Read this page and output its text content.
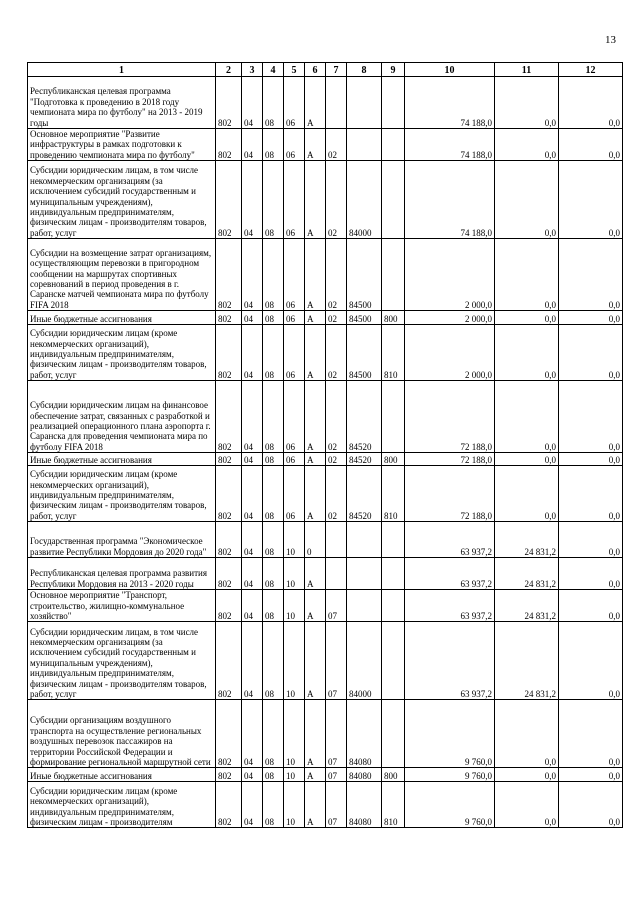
13
1	2	3	4	5	6	7	8	9	10	11	12

Республиканская целевая программа "Подготовка к проведению в 2018 году чемпионата мира по футболу" на 2013 - 2019 годы	802	04	08	06	А				74 188,0	0,0	0,0

Основное мероприятие "Развитие инфраструктуры в рамках подготовки к проведению чемпионата мира по футболу"	802	04	08	06	А	02			74 188,0	0,0	0,0

Субсидии юридическим лицам, в том числе некоммерческим организациям (за исключением субсидий государственным и муниципальным учреждениям), индивидуальным предпринимателям, физическим лицам - производителям товаров, работ, услуг	802	04	08	06	А	02	84000		74 188,0	0,0	0,0

Субсидии на возмещение затрат организациям, осуществляющим перевозки в пригородном сообщении на маршрутах спортивных соревнований в период проведения в г. Саранске матчей чемпионата мира по футболу FIFA 2018	802	04	08	06	А	02	84500		2 000,0	0,0	0,0

Иные бюджетные ассигнования	802	04	08	06	А	02	84500	800	2 000,0	0,0	0,0

Субсидии юридическим лицам (кроме некоммерческих организаций), индивидуальным предпринимателям, физическим лицам - производителям товаров, работ, услуг	802	04	08	06	А	02	84500	810	2 000,0	0,0	0,0

Субсидии юридическим лицам на финансовое обеспечение затрат, связанных с разработкой и реализацией операционного плана аэропорта г. Саранска для проведения чемпионата мира по футболу FIFA 2018	802	04	08	06	А	02	84520		72 188,0	0,0	0,0

Иные бюджетные ассигнования	802	04	08	06	А	02	84520	800	72 188,0	0,0	0,0

Субсидии юридическим лицам (кроме некоммерческих организаций), индивидуальным предпринимателям, физическим лицам - производителям товаров, работ, услуг	802	04	08	06	А	02	84520	810	72 188,0	0,0	0,0

Государственная программа "Экономическое развитие Республики Мордовия до 2020 года"	802	04	08	10	0				63 937,2	24 831,2	0,0

Республиканская целевая программа развития Республики Мордовия на 2013 - 2020 годы	802	04	08	10	А				63 937,2	24 831,2	0,0

Основное мероприятие "Транспорт, строительство, жилищно-коммунальное хозяйство"	802	04	08	10	А	07			63 937,2	24 831,2	0,0

Субсидии юридическим лицам, в том числе некоммерческим организациям (за исключением субсидий государственным и муниципальным учреждениям), индивидуальным предпринимателям, физическим лицам - производителям товаров, работ, услуг	802	04	08	10	А	07	84000		63 937,2	24 831,2	0,0

Субсидии организациям воздушного транспорта на осуществление региональных воздушных перевозок пассажиров на территории Российской Федерации и формирование региональной маршрутной сети	802	04	08	10	А	07	84080		9 760,0	0,0	0,0

Иные бюджетные ассигнования	802	04	08	10	А	07	84080	800	9 760,0	0,0	0,0

Субсидии юридическим лицам (кроме некоммерческих организаций), индивидуальным предпринимателям, физическим лицам - производителям	802	04	08	10	А	07	84080	810	9 760,0	0,0	0,0
